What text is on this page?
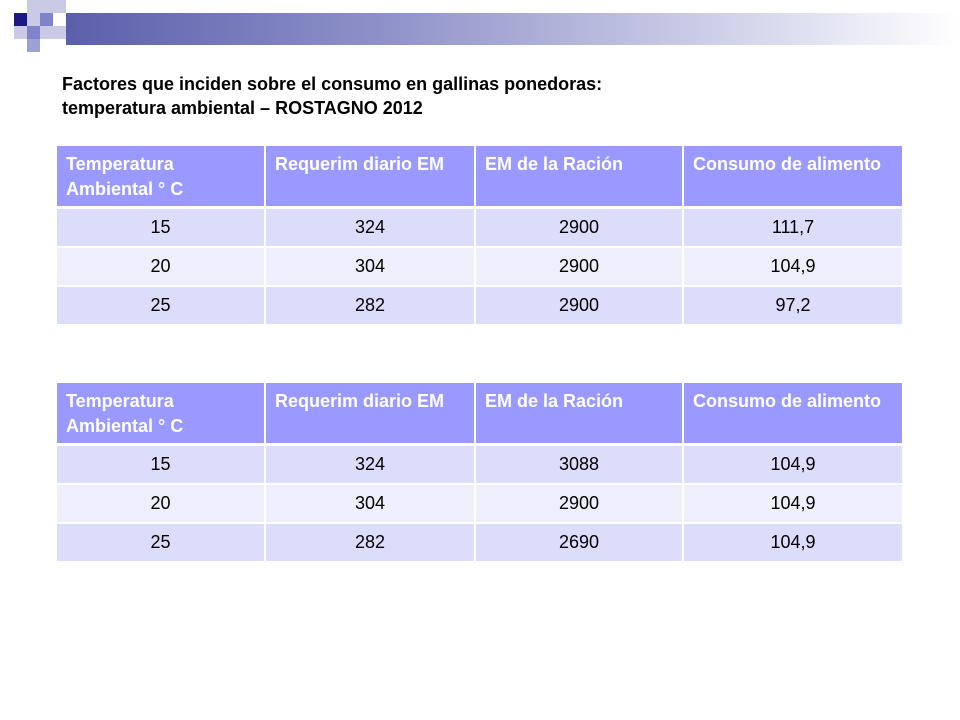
Factores que inciden sobre el consumo en gallinas ponedoras:
temperatura ambiental – ROSTAGNO 2012
Temperatura Ambiental ° C	Requerim diario EM	EM de la Ración	Consumo de alimento
15	324	2900	111,7
20	304	2900	104,9
25	282	2900	97,2
Temperatura Ambiental ° C	Requerim diario EM	EM de la Ración	Consumo de alimento
15	324	3088	104,9
20	304	2900	104,9
25	282	2690	104,9
